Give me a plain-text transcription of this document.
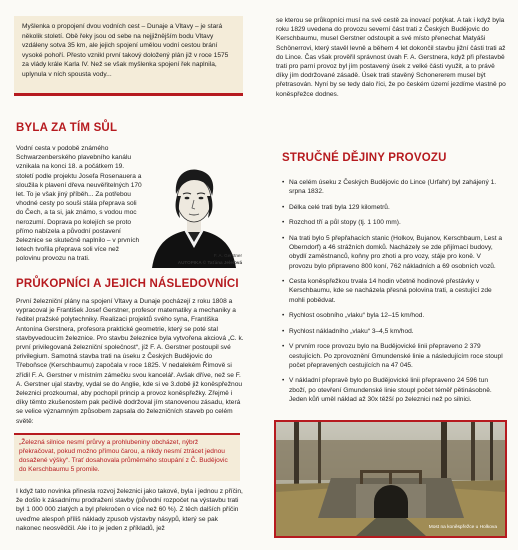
Myšlenka o propojení dvou vodních cest – Dunaje a Vltavy – je stará několik století. Obě řeky jsou od sebe na nejjižnějším bodu Vltavy vzdáleny sotva 35 km, ale jejich spojení umělou vodní cestou brání vysoké pohoří. Přesto vznikl první takový doložený plán již v roce 1575 za vlády krále Karla IV. Než se však myšlenka spojení řek naplnila, uplynula v ních spousta vody...
BYLA ZA TÍM SŮL

Vodní cesta v podobě známého Schwarzenberského plavebního kanálu vznikala na konci 18. a počátkem 19. století podle projektu Josefa Rosenauera a sloužila k plavení dřeva neuvěřitelných 170 let. To je však jiný příběh... Za potřebou vhodné cesty po souši stála přeprava soli do Čech, a ta si, jak známo, s vodou moc nerozumí. Doprava po kolejích se proto přímo nabízela a původní postavení železnice se skutečně naplnilo – v prvních letech tvořila přeprava soli více než polovinu provozu na trati.	F. A. Gerstner
AUTOPIKA © Taťána Jelelová
PRŮKOPNÍCI A JEJICH NÁSLEDOVNÍCI

První železniční plány na spojení Vltavy a Dunaje pocházejí z roku 1808 a vypracoval je František Josef Gerstner, profesor matematiky a mechaniky a ředitel pražské polytechniky. Realizaci projektů svého syna, Františka Antonína Gerstnera, profesora praktické geometrie, který se poté stal stavbyvedoucím železnice. Pro stavbu železnice byla vytvořena akciová „C. k. první privilegovaná železniční společnost“, jíž F. A. Gerstner postoupil své privilegium. Samotná stavba trati na úseku z Českých Budějovic do Třeboňsce (Kerschbaumu) započala v roce 1825. V nedalekém Římově si zřídil F. A. Gerstner v místním zámečku svou kancelář. Avšak dříve, než se F. A. Gerstner ujal stavby, vydal se do Anglie, kde si ve 3.době již koněspřežnou železnici prozkoumal, aby pochopil princip a provoz koněspřežky. Zřejmě i díky těmto zkušenostem pak pečlivě dodržoval jím stanovenou zásadu, která se velice významným způsobem zapsala do železničních staveb po celém světě:

„Železná silnice nesmí průrvy a prohlubeniny obcházet, nýbrž překračovat, pokud možno přímou čarou, a nikdy nesmí ztrácet jednou dosažené výšky“. Trať dosahovala průměrného stoupání z Č. Budějovic do Kerschbaumu 5 promile.

I když tato novinka přinesla rozvoj železnici jako takové, byla i jednou z příčin, že došlo k zásadnímu prodražení stavby (původní rozpočet na výstavbu trati byl 1 000 000 zlatých a byl překročen o více než 60 %). Z těch dalších příčin uveďme alespoň příliš náklady zpusob výstavby násypů, který se pak nakonec neosvědčil. Ale i to je jeden z příkladů, jež

se kterou se průkopníci musí na své cestě za inovací potýkat. A tak i když byla roku 1829 uvedena do provozu severní část trati z Českých Budějovic do Kerschbaumu, musel Gerstner odstoupit a své místo přenechat Matyáši Schönerrovi, který stavěl levně a během 4 let dokončil stavbu jižní části trati až do Lince. Čas však prověřil správnost úvah F. A. Gerstnera, když při přestavbě trati pro parní provoz byl jím postavený úsek z velké části využit, a to právě díky jím dodržované zásadě. Úsek trati stavěný Schonererem musel být přetrasován. Nyní by se tedy dalo říci, že po českém území jezdíme vlastně po koněspřežce dodnes.

STRUČNÉ DĚJINY PROVOZU
• Na celém úseku z Českých Budějovic do Lince (Urfahr) byl zahájený 1. srpna 1832.
• Délka celé trati byla 129 kilometrů.
• Rozchod tří a půl stopy (tj. 1 100 mm).
• Na trati bylo 5 přepřahacích stanic (Holkov, Bujanov, Kerschbaum, Lest a Oberndorf) a 46 strážních domků. Nacházely se zde přijímací budovy, obydlí zaměstnanců, koňny pro zhoti a pro vozy, stáje pro koně. V provozu bylo připraveno 800 koní, 762 nákladních a 69 osobních vozů.
• Cesta koněspřežkou trvala 14 hodin včetně hodinové přestávky v Kerschbaumu, kde se nacházela přesná polovina trati, a cestující zde mohli pobědvat.
• Rychlost osobního „vlaku“ byla 12–15 km/hod.
• Rychlost nákladního „vlaku“ 3–4,5 km/hod.
• V prvním roce provozu bylo na Budějovické linii přepraveno 2 379 cestujících. Po zprovoznění Gmundenské linie a následujícím roce stoupl počet přepravených cestujících na 47 045.
• V nákladní přepravě bylo po Budějovické linii přepraveno 24 596 tun zboží, po otevření Gmundenské linie stoupl počet téměř pětinásobně. Jeden kůň uměl náklad až 30x těžší po železnici než po silnici.
Most na koněspřežce u Holkova
